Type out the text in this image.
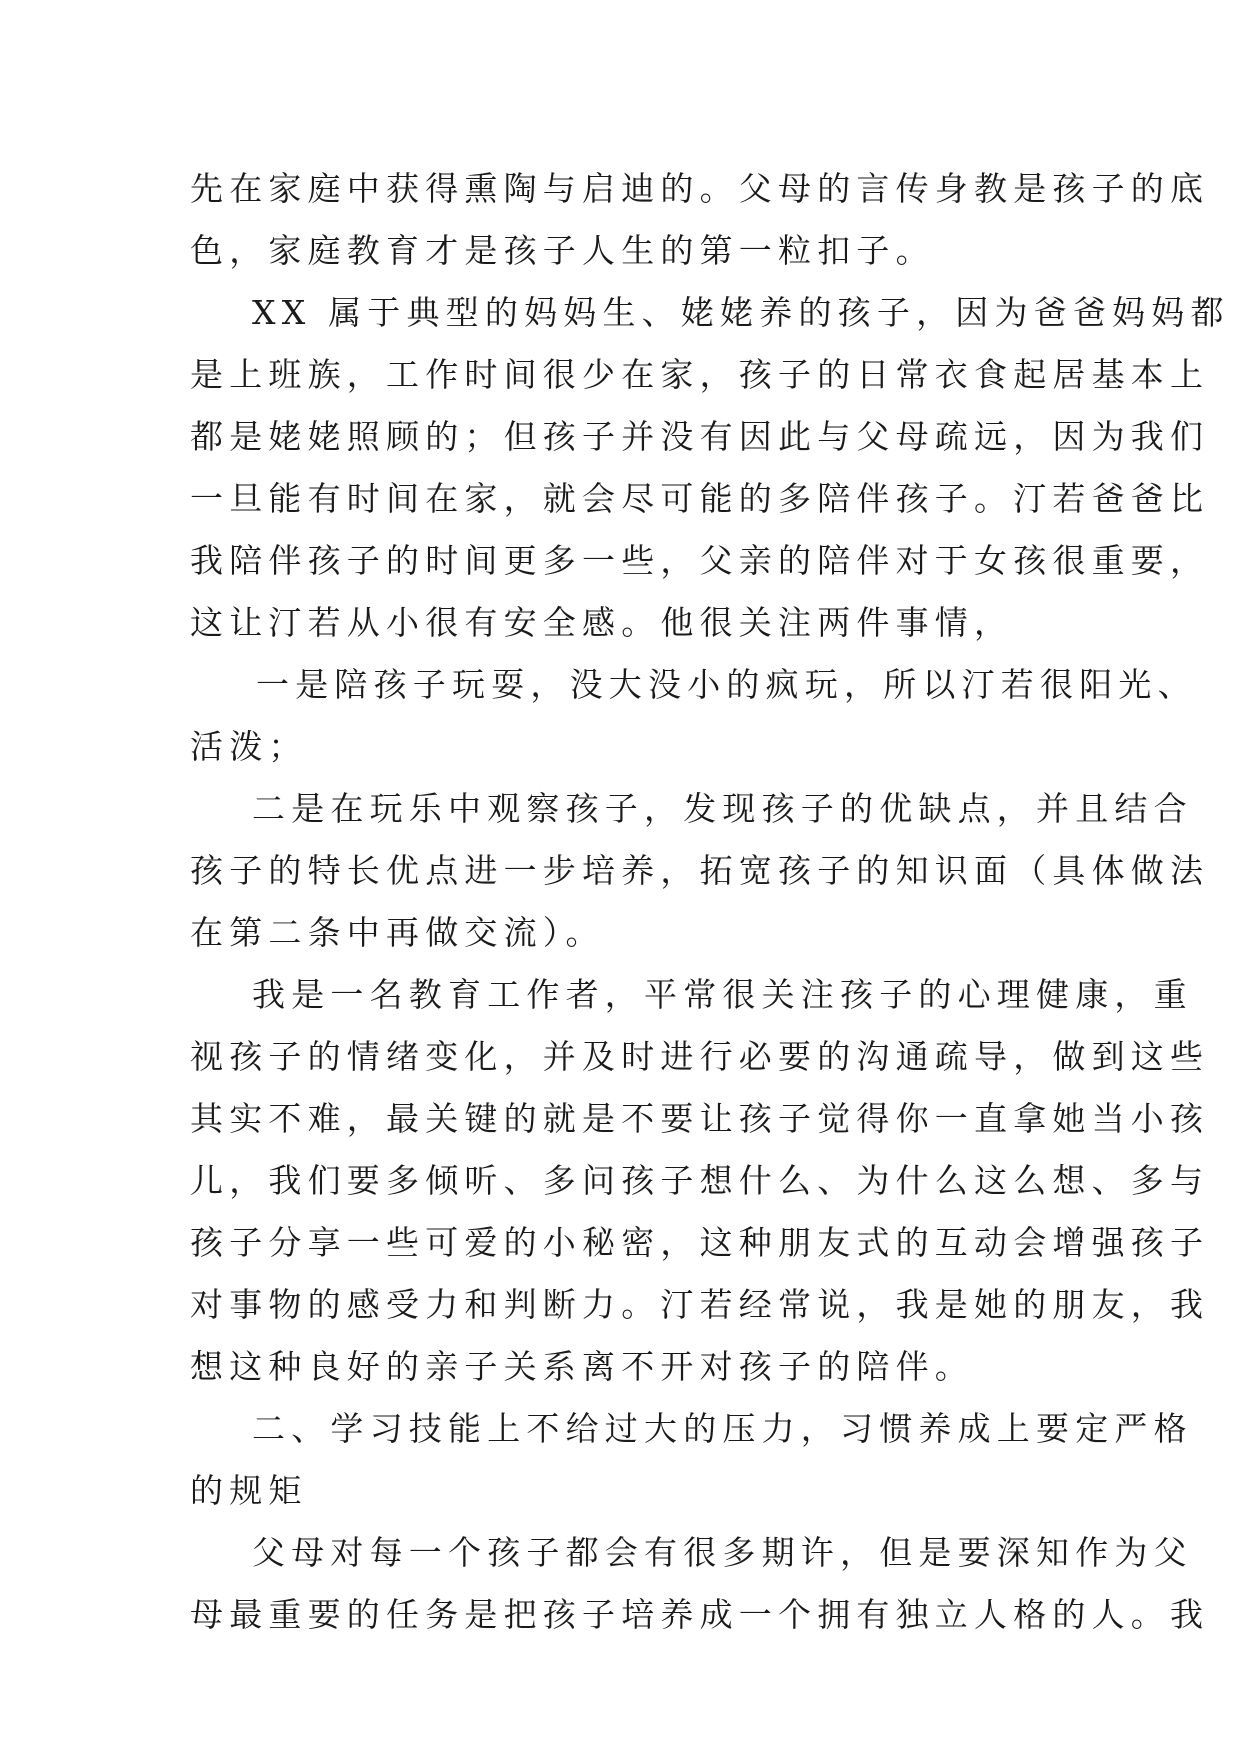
先在家庭中获得熏陶与启迪的。父母的言传身教是孩子的底
色，家庭教育才是孩子人生的第一粒扣子。
XX 属于典型的妈妈生、姥姥养的孩子，因为爸爸妈妈都
是上班族，工作时间很少在家，孩子的日常衣食起居基本上
都是姥姥照顾的；但孩子并没有因此与父母疏远，因为我们
一旦能有时间在家，就会尽可能的多陪伴孩子。汀若爸爸比
我陪伴孩子的时间更多一些，父亲的陪伴对于女孩很重要，
这让汀若从小很有安全感。他很关注两件事情，
一是陪孩子玩耍，没大没小的疯玩，所以汀若很阳光、
活泼；
二是在玩乐中观察孩子，发现孩子的优缺点，并且结合
孩子的特长优点进一步培养，拓宽孩子的知识面（具体做法
在第二条中再做交流）。
我是一名教育工作者，平常很关注孩子的心理健康，重
视孩子的情绪变化，并及时进行必要的沟通疏导，做到这些
其实不难，最关键的就是不要让孩子觉得你一直拿她当小孩
儿，我们要多倾听、多问孩子想什么、为什么这么想、多与
孩子分享一些可爱的小秘密，这种朋友式的互动会增强孩子
对事物的感受力和判断力。汀若经常说，我是她的朋友，我
想这种良好的亲子关系离不开对孩子的陪伴。
二、学习技能上不给过大的压力，习惯养成上要定严格
的规矩
父母对每一个孩子都会有很多期许，但是要深知作为父
母最重要的任务是把孩子培养成一个拥有独立人格的人。我
